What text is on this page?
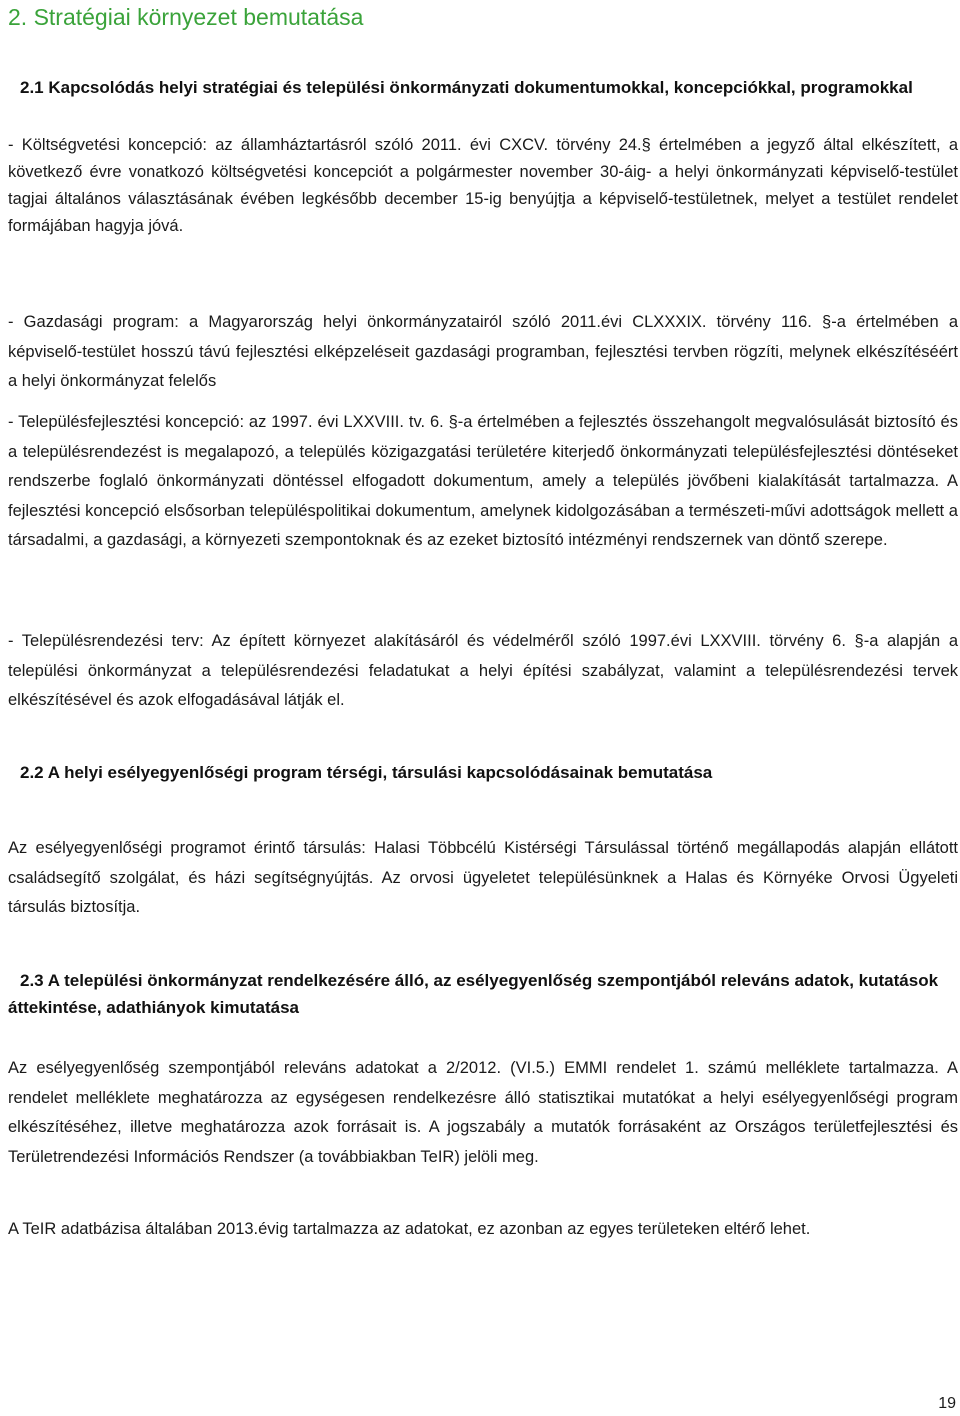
2. Stratégiai környezet bemutatása
2.1 Kapcsolódás helyi stratégiai és települési önkormányzati dokumentumokkal, koncepciókkal, programokkal

- Költségvetési koncepció: az államháztartásról szóló 2011. évi CXCV. törvény 24.§ értelmében a jegyző által elkészített, a következő évre vonatkozó költségvetési koncepciót a polgármester november 30-áig- a helyi önkormányzati képviselő-testület tagjai általános választásának évében legkésőbb december 15-ig benyújtja a képviselő-testületnek, melyet a testület rendelet formájában hagyja jóvá.

- Gazdasági program: a Magyarország helyi önkormányzatairól szóló 2011.évi CLXXXIX. törvény 116. §-a értelmében a képviselő-testület hosszú távú fejlesztési elképzeléseit gazdasági programban, fejlesztési tervben rögzíti, melynek elkészítéséért a helyi önkormányzat felelős

- Településfejlesztési koncepció: az 1997. évi LXXVIII. tv. 6. §-a értelmében a fejlesztés összehangolt megvalósulását biztosító és a településrendezést is megalapozó, a település közigazgatási területére kiterjedő önkormányzati településfejlesztési döntéseket rendszerbe foglaló önkormányzati döntéssel elfogadott dokumentum, amely a település jövőbeni kialakítását tartalmazza. A fejlesztési koncepció elsősorban településpolitikai dokumentum, amelynek kidolgozásában a természeti-művi adottságok mellett a társadalmi, a gazdasági, a környezeti szempontoknak és az ezeket biztosító intézményi rendszernek van döntő szerepe.

- Településrendezési terv: Az épített környezet alakításáról és védelméről szóló 1997.évi LXXVIII. törvény 6. §-a alapján a települési önkormányzat a településrendezési feladatukat a helyi építési szabályzat, valamint a településrendezési tervek elkészítésével és azok elfogadásával látják el.

2.2 A helyi esélyegyenlőségi program térségi, társulási kapcsolódásainak bemutatása

Az esélyegyenlőségi programot érintő társulás: Halasi Többcélú Kistérségi Társulással történő megállapodás alapján ellátott családsegítő szolgálat, és házi segítségnyújtás. Az orvosi ügyeletet településünknek a Halas és Környéke Orvosi Ügyeleti társulás biztosítja.

2.3 A települési önkormányzat rendelkezésére álló, az esélyegyenlőség szempontjából releváns adatok, kutatások áttekintése, adathiányok kimutatása

Az esélyegyenlőség szempontjából releváns adatokat a 2/2012. (VI.5.) EMMI rendelet 1. számú melléklete tartalmazza. A rendelet melléklete meghatározza az egységesen rendelkezésre álló statisztikai mutatókat a helyi esélyegyenlőségi program elkészítéséhez, illetve meghatározza azok forrásait is. A jogszabály a mutatók forrásaként az Országos területfejlesztési és Területrendezési Információs Rendszer (a továbbiakban TeIR) jelöli meg.

A TeIR adatbázisa általában 2013.évig tartalmazza az adatokat, ez azonban az egyes területeken eltérő lehet.

19
